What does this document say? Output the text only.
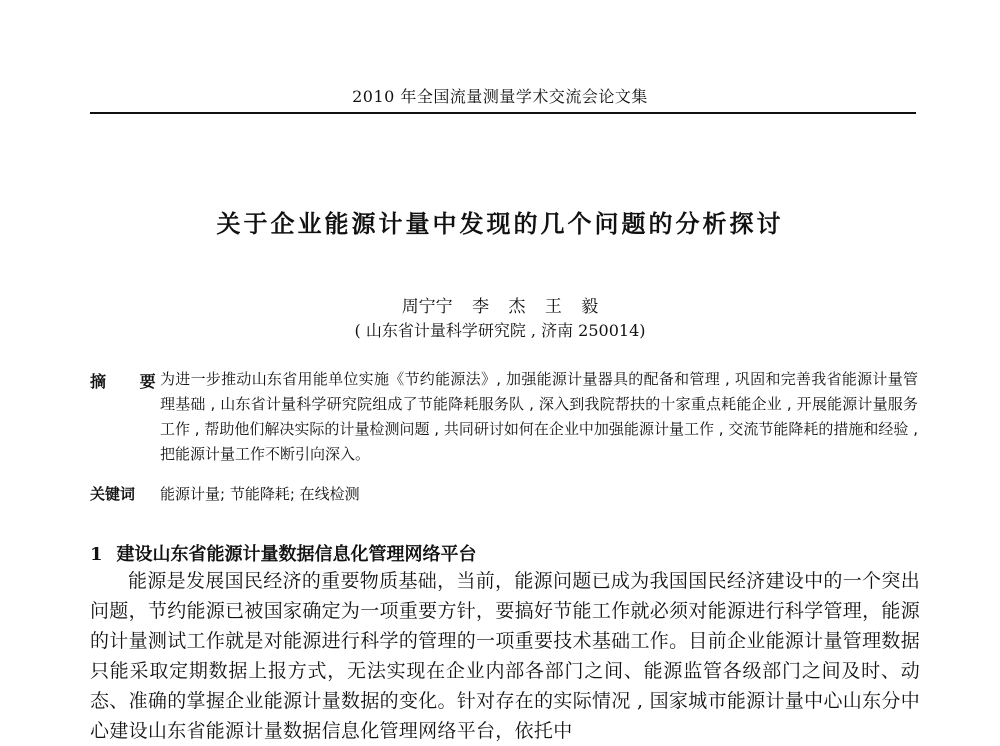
2010 年全国流量测量学术交流会论文集
关于企业能源计量中发现的几个问题的分析探讨
周宁宁 李 杰 王 毅
( 山东省计量科学研究院 , 济南 250014)
摘 要
为进一步推动山东省用能单位实施《节约能源法》, 加强能源计量器具的配备和管理 , 巩固和完善我省能源计量管理基础 , 山东省计量科学研究院组成了节能降耗服务队 , 深入到我院帮扶的十家重点耗能企业 , 开展能源计量服务工作 , 帮助他们解决实际的计量检测问题 , 共同研讨如何在企业中加强能源计量工作 , 交流节能降耗的措施和经验 , 把能源计量工作不断引向深入。
关键词 能源计量; 节能降耗; 在线检测
1 建设山东省能源计量数据信息化管理网络平台
能源是发展国民经济的重要物质基础，当前，能源问题已成为我国国民经济建设中的一个突出问题，节约能源已被国家确定为一项重要方针，要搞好节能工作就必须对能源进行科学管理，能源的计量测试工作就是对能源进行科学的管理的一项重要技术基础工作。目前企业能源计量管理数据只能采取定期数据上报方式，无法实现在企业内部各部门之间、能源监管各级部门之间及时、动态、准确的掌握企业能源计量数据的变化。针对存在的实际情况 , 国家城市能源计量中心山东分中心建设山东省能源计量数据信息化管理网络平台，依托中
